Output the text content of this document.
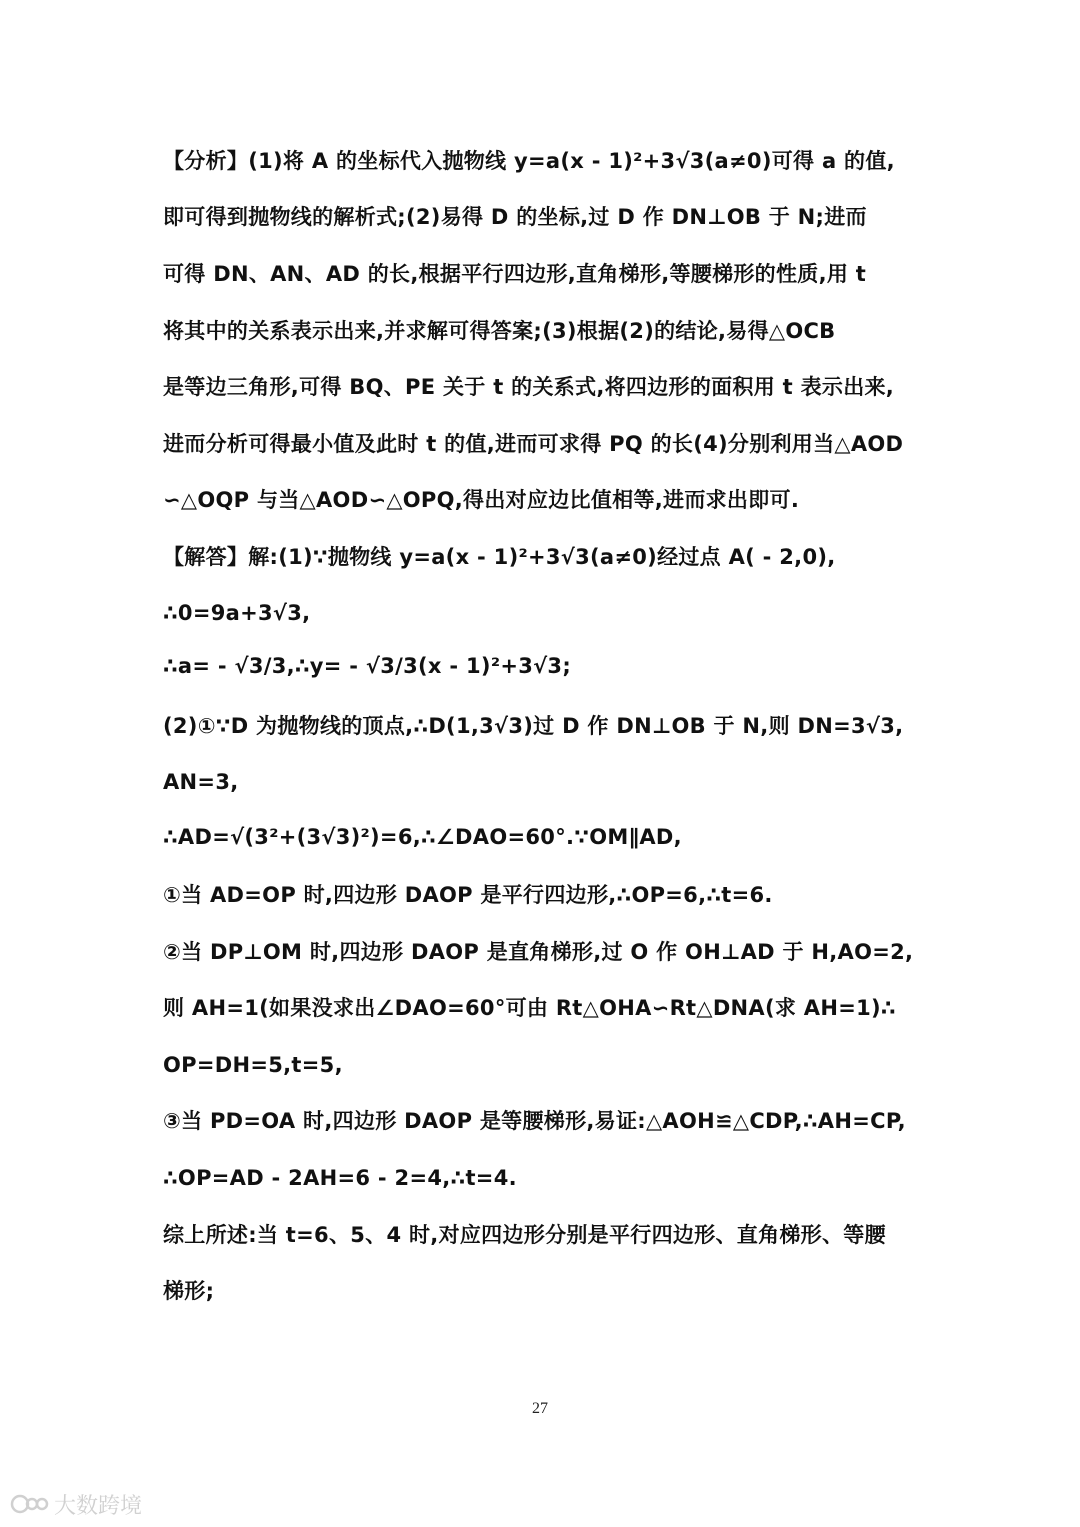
【分析】(1)将 A 的坐标代入抛物线 y=a(x - 1)²+3√3(a≠0)可得 a 的值,
即可得到抛物线的解析式;(2)易得 D 的坐标,过 D 作 DN⊥OB 于 N;进而
可得 DN、AN、AD 的长,根据平行四边形,直角梯形,等腰梯形的性质,用 t
将其中的关系表示出来,并求解可得答案;(3)根据(2)的结论,易得△OCB
是等边三角形,可得 BQ、PE 关于 t 的关系式,将四边形的面积用 t 表示出来,
进而分析可得最小值及此时 t 的值,进而可求得 PQ 的长(4)分别利用当△AOD
∽△OQP 与当△AOD∽△OPQ,得出对应边比值相等,进而求出即可.
【解答】解:(1)∵抛物线 y=a(x - 1)²+3√3(a≠0)经过点 A( - 2,0),
∴0=9a+3√3,
∴a= - √3/3,∴y= - √3/3(x - 1)²+3√3;
(2)①∵D 为抛物线的顶点,∴D(1,3√3)过 D 作 DN⊥OB 于 N,则 DN=3√3,
AN=3,
∴AD=√(3²+(3√3)²)=6,∴∠DAO=60°.∵OM∥AD,
①当 AD=OP 时,四边形 DAOP 是平行四边形,∴OP=6,∴t=6.
②当 DP⊥OM 时,四边形 DAOP 是直角梯形,过 O 作 OH⊥AD 于 H,AO=2,
则 AH=1(如果没求出∠DAO=60°可由 Rt△OHA∽Rt△DNA(求 AH=1)∴
OP=DH=5,t=5,
③当 PD=OA 时,四边形 DAOP 是等腰梯形,易证:△AOH≌△CDP,∴AH=CP,
∴OP=AD - 2AH=6 - 2=4,∴t=4.
综上所述:当 t=6、5、4 时,对应四边形分别是平行四边形、直角梯形、等腰
梯形;
27
大数跨境
